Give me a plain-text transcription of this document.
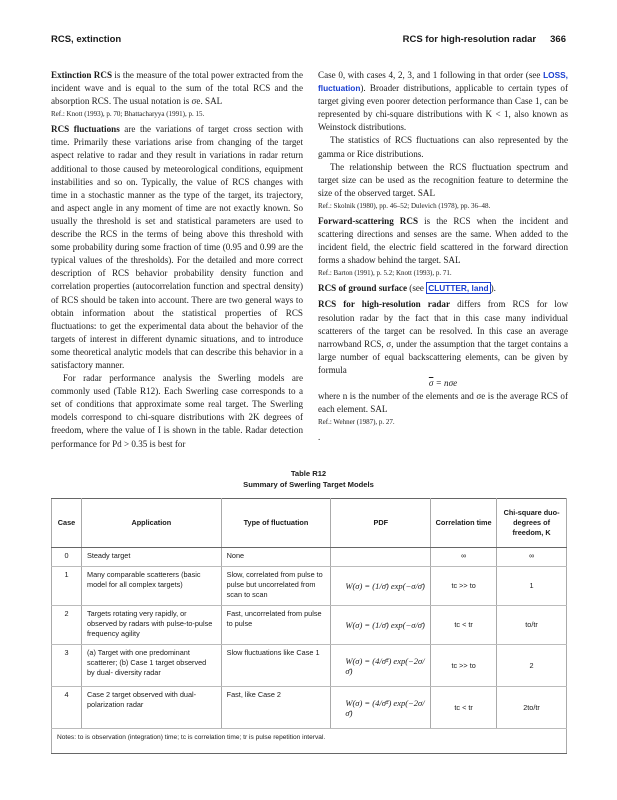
RCS, extinction	RCS for high-resolution radar 366

Extinction RCS is the measure of the total power extracted from the incident wave and is equal to the sum of the total RCS and the absorption RCS. The usual notation is σe. SAL

Ref.: Knott (1993), p. 70; Bhattacharyya (1991), p. 15.

RCS fluctuations are the variations of target cross section with time. Primarily these variations arise from changing of the target aspect relative to radar and they result in variations in radar return additional to those caused by meteorological conditions, equipment instabilities and so on. Typically, the value of RCS changes with time in a stochastic manner as the type of the target, its trajectory, and aspect angle in any moment of time are not exactly known. So usually the threshold is set and statistical parameters are used to describe the RCS in the terms of being above this threshold with some probability during some fraction of time (0.95 and 0.99 are the typical values of the thresholds). For the detailed and more correct description of RCS behavior probability density function and correlation properties (autocorrelation function and spectral density) of RCS should be taken into account. There are two general ways to obtain information about the statistical properties of RCS fluctuations: to get the experimental data about the behavior of the targets of interest in different dynamic situations, and to introduce some theoretical analytic models that can describe this behavior in a satisfactory manner.

For radar performance analysis the Swerling models are commonly used (Table R12). Each Swerling case corresponds to a set of conditions that approximate some real target. The Swerling models correspond to chi-square distributions with 2K degrees of freedom, where the value of I is shown in the table. Radar detection performance for Pd > 0.35 is best for

Case 0, with cases 4, 2, 3, and 1 following in that order (see LOSS, fluctuation). Broader distributions, applicable to certain types of target giving even poorer detection performance than Case 1, can be represented by chi-square distributions with K < 1, also known as Weinstock distributions.

The statistics of RCS fluctuations can also represented by the gamma or Rice distributions.

The relationship between the RCS fluctuation spectrum and target size can be used as the recognition feature to determine the size of the observed target. SAL

Ref.: Skolnik (1980), pp. 46–52; Dulevich (1978), pp. 36–48.

Forward-scattering RCS is the RCS when the incident and scattering directions and senses are the same. When added to the incident field, the electric field scattered in the forward direction forms a shadow behind the target. SAL

Ref.: Barton (1991), p. 5.2; Knott (1993), p. 71.

RCS of ground surface (see CLUTTER, land ).

RCS for high-resolution radar differs from RCS for low resolution radar by the fact that in this case many individual scatterers of the target can be resolved. In this case an average narrowband RCS, σ, under the assumption that the target contains a large number of equal backscattering elements, can be given by formula

$\overline{\sigma} = n\sigma e$

where n is the number of the elements and σe is the average RCS of each element. SAL

Ref.: Wehner (1987), p. 27.

.

Table R12
Summary of Swerling Target Models
Case	Application	Type of fluctuation	PDF	Correlation time	Chi-square duo-degrees of freedom, K
0	Steady target	None		∞	∞
1	Many comparable scatterers (basic model for all complex targets)	Slow, correlated from pulse to pulse but uncorrelated from scan to scan	W(σ) = (1/σ̄) exp(−σ/σ̄)	tc >> to	1
2	Targets rotating very rapidly, or observed by radars with pulse-to-pulse frequency agility	Fast, uncorrelated from pulse to pulse	W(σ) = (1/σ̄) exp(−σ/σ̄)	tc < tr	to/tr
3	(a) Target with one predominant scatterer; (b) Case 1 target observed by dual- diversity radar	Slow fluctuations like Case 1	W(σ) = (4/σ̄²) exp(−2σ/σ̄)	tc >> to	2
4	Case 2 target observed with dual-polarization radar	Fast, like Case 2	W(σ) = (4/σ̄²) exp(−2σ/σ̄)	tc < tr	2to/tr
Notes: to is observation (integration) time; tc is correlation time; tr is pulse repetition interval.					
